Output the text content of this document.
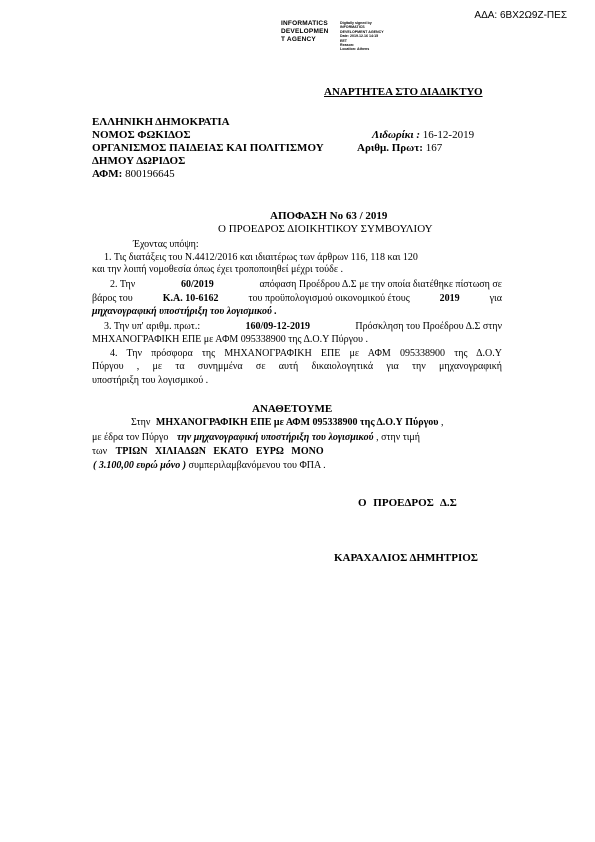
ΑΔΑ: 6ΒΧ2Ω9Ζ-ΠΕΣ
INFORMATICS
DEVELOPMEN
T AGENCY
Digitally signed by
INFORMATICS
DEVELOPMENT AGENCY
Date: 2019.12.16 14:15
EET
Reason:
Location: Athens
ΑΝΑΡΤΗΤΕΑ ΣΤΟ ΔΙΑΔΙΚΤΥΟ
ΕΛΛΗΝΙΚΗ ΔΗΜΟΚΡΑΤΙΑ
ΝΟΜΟΣ ΦΩΚΙΔΟΣ	Λιδωρίκι : 16-12-2019
ΟΡΓΑΝΙΣΜΟΣ ΠΑΙΔΕΙΑΣ ΚΑΙ ΠΟΛΙΤΙΣΜΟΥ	Αριθμ. Πρωτ: 167
ΔΗΜΟΥ ΔΩΡΙΔΟΣ
ΑΦΜ: 800196645
ΑΠΟΦΑΣΗ Νο 63 / 2019
Ο ΠΡΟΕΔΡΟΣ ΔΙΟΙΚΗΤΙΚΟΥ ΣΥΜΒΟΥΛΙΟΥ
Έχοντας υπόψη:
1. Τις διατάξεις του Ν.4412/2016 και ιδιαιτέρως των άρθρων 116, 118 και 120
και την λοιπή νομοθεσία όπως έχει τροποποιηθεί μέχρι τούδε .
2. Την	60/2019	απόφαση Προέδρου Δ.Σ με την οποία διατέθηκε πίστωση σε
βάρος του	Κ.Α. 10-6162	του προϋπολογισμού οικονομικού έτους	2019	για
μηχανογραφική υποστήριξη του λογισμικού .
3. Την υπ' αριθμ. πρωτ.:	160/09-12-2019	Πρόσκληση του Προέδρου Δ.Σ στην
ΜΗΧΑΝΟΓΡΑΦΙΚΗ ΕΠΕ με ΑΦΜ 095338900 της Δ.Ο.Υ Πύργου .
4. Την πρόσφορα της ΜΗΧΑΝΟΓΡΑΦΙΚΗ ΕΠΕ με ΑΦΜ 095338900 της Δ.Ο.Υ
Πύργου , με τα συνημμένα σε αυτή δικαιολογητικά για την μηχανογραφική
υποστήριξη του λογισμικού .
ΑΝΑΘΕΤΟΥΜΕ
Στην ΜΗΧΑΝΟΓΡΑΦΙΚΗ ΕΠΕ με ΑΦΜ 095338900 της Δ.Ο.Υ Πύργου ,
με έδρα τον Πύργο την μηχανογραφική υποστήριξη του λογισμικού , στην τιμή
των ΤΡΙΩΝ ΧΙΛΙΑΔΩΝ ΕΚΑΤΟ ΕΥΡΩ ΜΟΝΟ
( 3.100,00 ευρώ μόνο ) συμπεριλαμβανόμενου του ΦΠΑ .
Ο ΠΡΟΕΔΡΟΣ Δ.Σ
ΚΑΡΑΧΑΛΙΟΣ ΔΗΜΗΤΡΙΟΣ
